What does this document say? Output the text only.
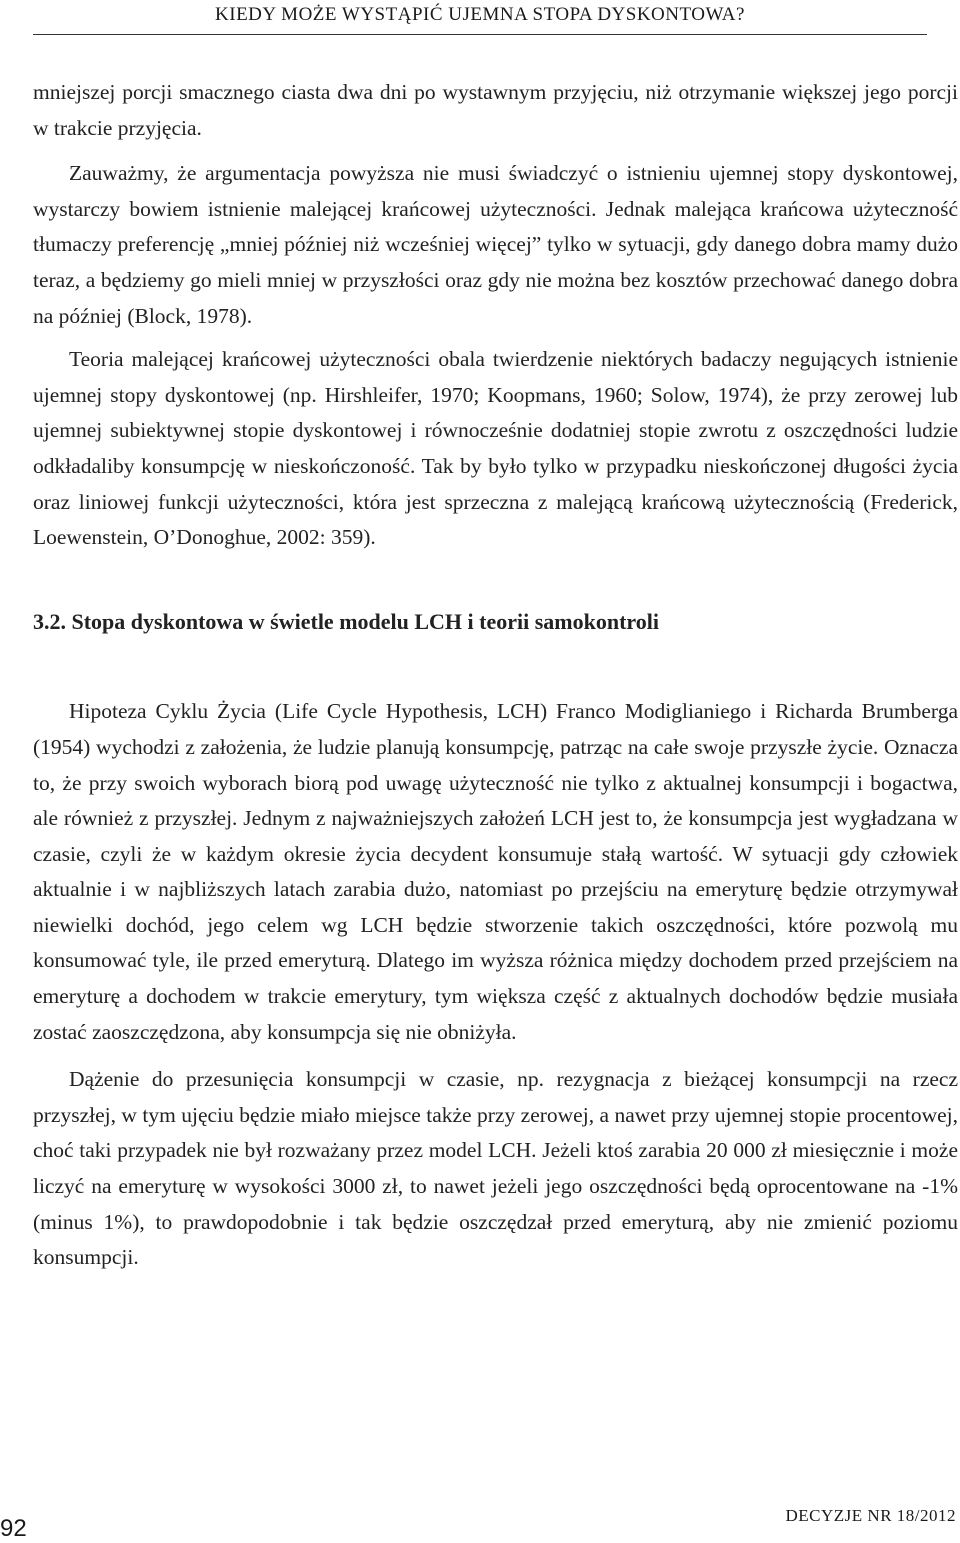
KIEDY MOŻE WYSTĄPIĆ UJEMNA STOPA DYSKONTOWA?

mniejszej porcji smacznego ciasta dwa dni po wystawnym przyjęciu, niż otrzymanie większej jego porcji w trakcie przyjęcia.

Zauważmy, że argumentacja powyższa nie musi świadczyć o istnieniu ujemnej stopy dyskontowej, wystarczy bowiem istnienie malejącej krańcowej użyteczności. Jednak malejąca krańcowa użyteczność tłumaczy preferencję „mniej później niż wcześniej więcej” tylko w sytuacji, gdy danego dobra mamy dużo teraz, a będziemy go mieli mniej w przyszłości oraz gdy nie można bez kosztów przechować danego dobra na później (Block, 1978).

Teoria malejącej krańcowej użyteczności obala twierdzenie niektórych badaczy negujących istnienie ujemnej stopy dyskontowej (np. Hirshleifer, 1970; Koopmans, 1960; Solow, 1974), że przy zerowej lub ujemnej subiektywnej stopie dyskontowej i równocześnie dodatniej stopie zwrotu z oszczędności ludzie odkładaliby konsumpcję w nieskończoność. Tak by było tylko w przypadku nieskończonej długości życia oraz liniowej funkcji użyteczności, która jest sprzeczna z malejącą krańcową użytecznością (Frederick, Loewenstein, O’Donoghue, 2002: 359).

3.2. Stopa dyskontowa w świetle modelu LCH i teorii samokontroli

Hipoteza Cyklu Życia (Life Cycle Hypothesis, LCH) Franco Modiglianiego i Richarda Brumberga (1954) wychodzi z założenia, że ludzie planują konsumpcję, patrząc na całe swoje przyszłe życie. Oznacza to, że przy swoich wyborach biorą pod uwagę użyteczność nie tylko z aktualnej konsumpcji i bogactwa, ale również z przyszłej. Jednym z najważniejszych założeń LCH jest to, że konsumpcja jest wygładzana w czasie, czyli że w każdym okresie życia decydent konsumuje stałą wartość. W sytuacji gdy człowiek aktualnie i w najbliższych latach zarabia dużo, natomiast po przejściu na emeryturę będzie otrzymywał niewielki dochód, jego celem wg LCH będzie stworzenie takich oszczędności, które pozwolą mu konsumować tyle, ile przed emeryturą. Dlatego im wyższa różnica między dochodem przed przejściem na emeryturę a dochodem w trakcie emerytury, tym większa część z aktualnych dochodów będzie musiała zostać zaoszczędzona, aby konsumpcja się nie obniżyła.

Dążenie do przesunięcia konsumpcji w czasie, np. rezygnacja z bieżącej konsumpcji na rzecz przyszłej, w tym ujęciu będzie miało miejsce także przy zerowej, a nawet przy ujemnej stopie procentowej, choć taki przypadek nie był rozważany przez model LCH. Jeżeli ktoś zarabia 20 000 zł miesięcznie i może liczyć na emeryturę w wysokości 3000 zł, to nawet jeżeli jego oszczędności będą oprocentowane na -1% (minus 1%), to prawdopodobnie i tak będzie oszczędzał przed emeryturą, aby nie zmienić poziomu konsumpcji.

92	DECYZJE NR 18/2012
